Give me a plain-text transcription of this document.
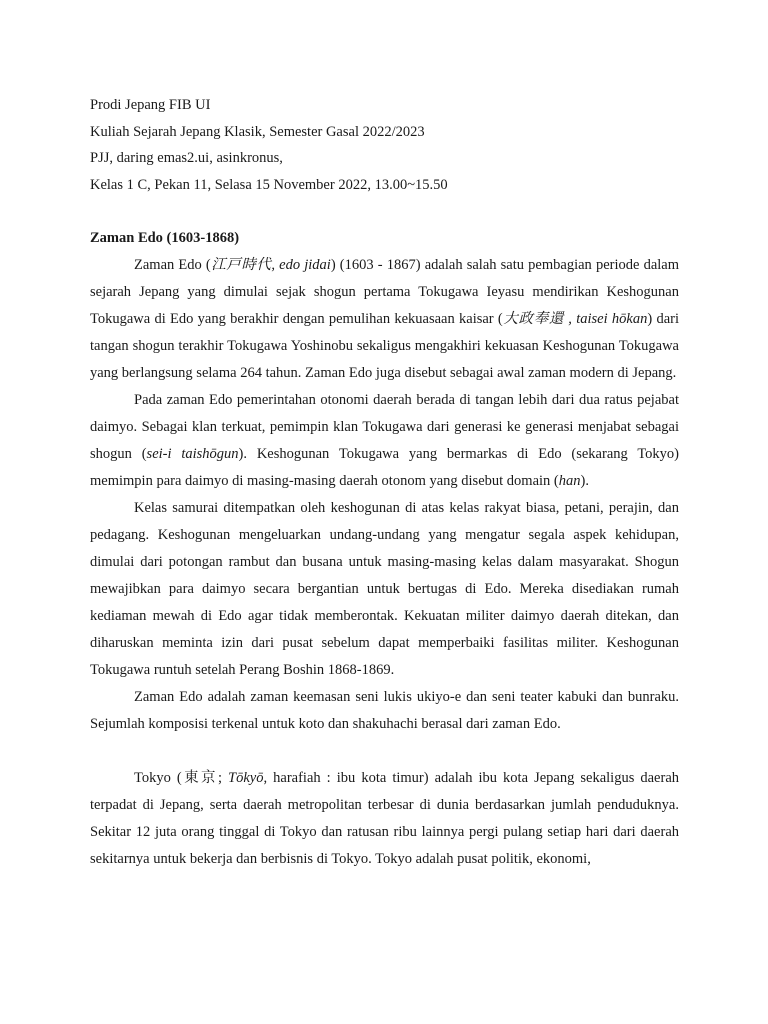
Prodi Jepang FIB UI

Kuliah Sejarah Jepang Klasik, Semester Gasal 2022/2023

PJJ, daring emas2.ui, asinkronus,

Kelas 1 C, Pekan 11, Selasa 15 November 2022, 13.00~15.50

Zaman Edo (1603-1868)

Zaman Edo (江戸時代, edo jidai) (1603 - 1867) adalah salah satu pembagian periode dalam sejarah Jepang yang dimulai sejak shogun pertama Tokugawa Ieyasu mendirikan Keshogunan Tokugawa di Edo yang berakhir dengan pemulihan kekuasaan kaisar (大政奉還 , taisei hōkan) dari tangan shogun terakhir Tokugawa Yoshinobu sekaligus mengakhiri kekuasan Keshogunan Tokugawa yang berlangsung selama 264 tahun. Zaman Edo juga disebut sebagai awal zaman modern di Jepang.

Pada zaman Edo pemerintahan otonomi daerah berada di tangan lebih dari dua ratus pejabat daimyo. Sebagai klan terkuat, pemimpin klan Tokugawa dari generasi ke generasi menjabat sebagai shogun (sei-i taishōgun). Keshogunan Tokugawa yang bermarkas di Edo (sekarang Tokyo) memimpin para daimyo di masing-masing daerah otonom yang disebut domain (han).

Kelas samurai ditempatkan oleh keshogunan di atas kelas rakyat biasa, petani, perajin, dan pedagang. Keshogunan mengeluarkan undang-undang yang mengatur segala aspek kehidupan, dimulai dari potongan rambut dan busana untuk masing-masing kelas dalam masyarakat. Shogun mewajibkan para daimyo secara bergantian untuk bertugas di Edo. Mereka disediakan rumah kediaman mewah di Edo agar tidak memberontak. Kekuatan militer daimyo daerah ditekan, dan diharuskan meminta izin dari pusat sebelum dapat memperbaiki fasilitas militer. Keshogunan Tokugawa runtuh setelah Perang Boshin 1868-1869.

Zaman Edo adalah zaman keemasan seni lukis ukiyo-e dan seni teater kabuki dan bunraku. Sejumlah komposisi terkenal untuk koto dan shakuhachi berasal dari zaman Edo.

Tokyo (東京; Tōkyō, harafiah : ibu kota timur) adalah ibu kota Jepang sekaligus daerah terpadat di Jepang, serta daerah metropolitan terbesar di dunia berdasarkan jumlah penduduknya. Sekitar 12 juta orang tinggal di Tokyo dan ratusan ribu lainnya pergi pulang setiap hari dari daerah sekitarnya untuk bekerja dan berbisnis di Tokyo. Tokyo adalah pusat politik, ekonomi,
